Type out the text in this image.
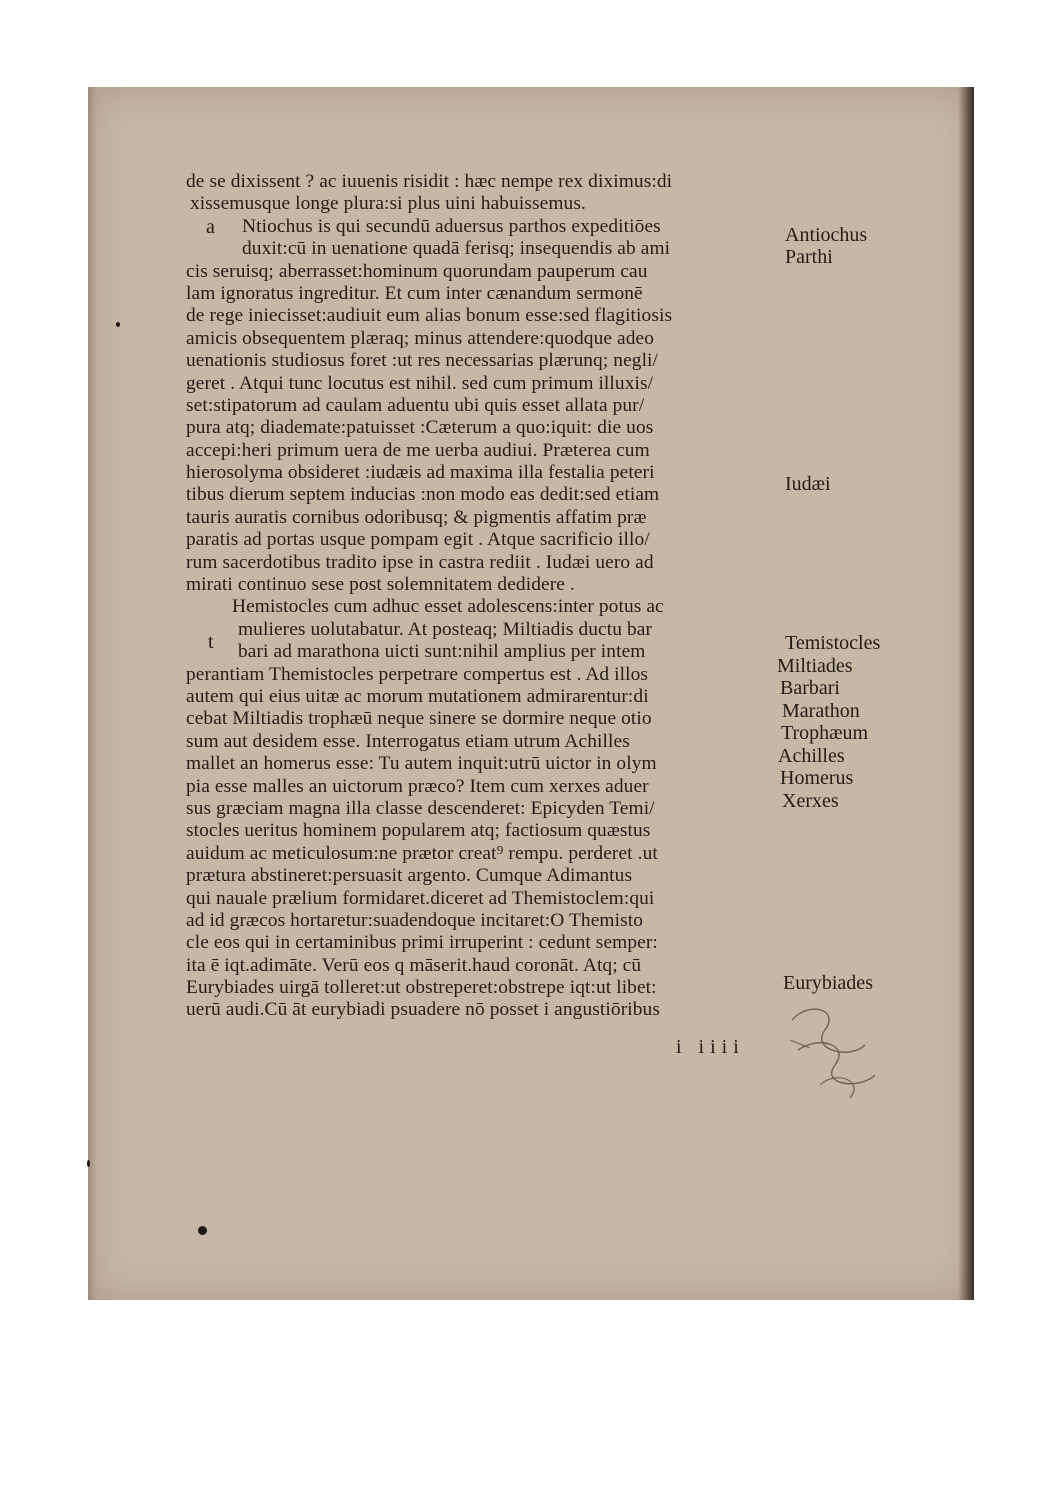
de se dixissent ? ac iuuenis risidit : hæc nempe rex diximus:di
xissemusque longe plura:si plus uini habuissemus.
Ntiochus is qui secundū aduersus parthos expeditiōes
duxit:cū in uenatione quadā ferisq; insequendis ab ami
cis seruisq; aberrasset:hominum quorundam pauperum cau
lam ignoratus ingreditur. Et cum inter cænandum sermonē
de rege iniecisset:audiuit eum alias bonum esse:sed flagitiosis
amicis obsequentem plæraq; minus attendere:quodque adeo
uenationis studiosus foret :ut res necessarias plærunq; negli/
geret . Atqui tunc locutus est nihil. sed cum primum illuxis/
set:stipatorum ad caulam aduentu ubi quis esset allata pur/
pura atq; diademate:patuisset :Cæterum a quo:iquit: die uos
accepi:heri primum uera de me uerba audiui. Præterea cum
hierosolyma obsideret :iudæis ad maxima illa festalia peteri
tibus dierum septem inducias :non modo eas dedit:sed etiam
tauris auratis cornibus odoribusq; & pigmentis affatim præ
paratis ad portas usque pompam egit . Atque sacrificio illo/
rum sacerdotibus tradito ipse in castra rediit . Iudæi uero ad
mirati continuo sese post solemnitatem dedidere .
Hemistocles cum adhuc esset adolescens:inter potus ac
mulieres uolutabatur. At posteaq; Miltiadis ductu bar
bari ad marathona uicti sunt:nihil amplius per intem
perantiam Themistocles perpetrare compertus est . Ad illos
autem qui eius uitæ ac morum mutationem admirarentur:di
cebat Miltiadis trophæū neque sinere se dormire neque otio
sum aut desidem esse. Interrogatus etiam utrum Achilles
mallet an homerus esse: Tu autem inquit:utrū uictor in olym
pia esse malles an uictorum præco? Item cum xerxes aduer
sus græciam magna illa classe descenderet: Epicyden Temi/
stocles ueritus hominem popularem atq; factiosum quæstus
auidum ac meticulosum:ne prætor creat⁹ rempu. perderet .ut
prætura abstineret:persuasit argento. Cumque Adimantus
qui nauale prælium formidaret.diceret ad Themistoclem:qui
ad id græcos hortaretur:suadendoque incitaret:O Themisto
cle eos qui in certaminibus primi irruperint : cedunt semper:
ita ē iqt.adimāte. Verū eos q māserit.haud coronāt. Atq; cū
Eurybiades uirgā tolleret:ut obstreperet:obstrepe iqt:ut libet:
uerū audi.Cū āt eurybiadi psuadere nō posset i angustiōribus
a
t
Antiochus
Parthi
Iudæi
Temistocles
Miltiades
Barbari
Marathon
Trophæum
Achilles
Homerus
Xerxes
Eurybiades
i iiii
